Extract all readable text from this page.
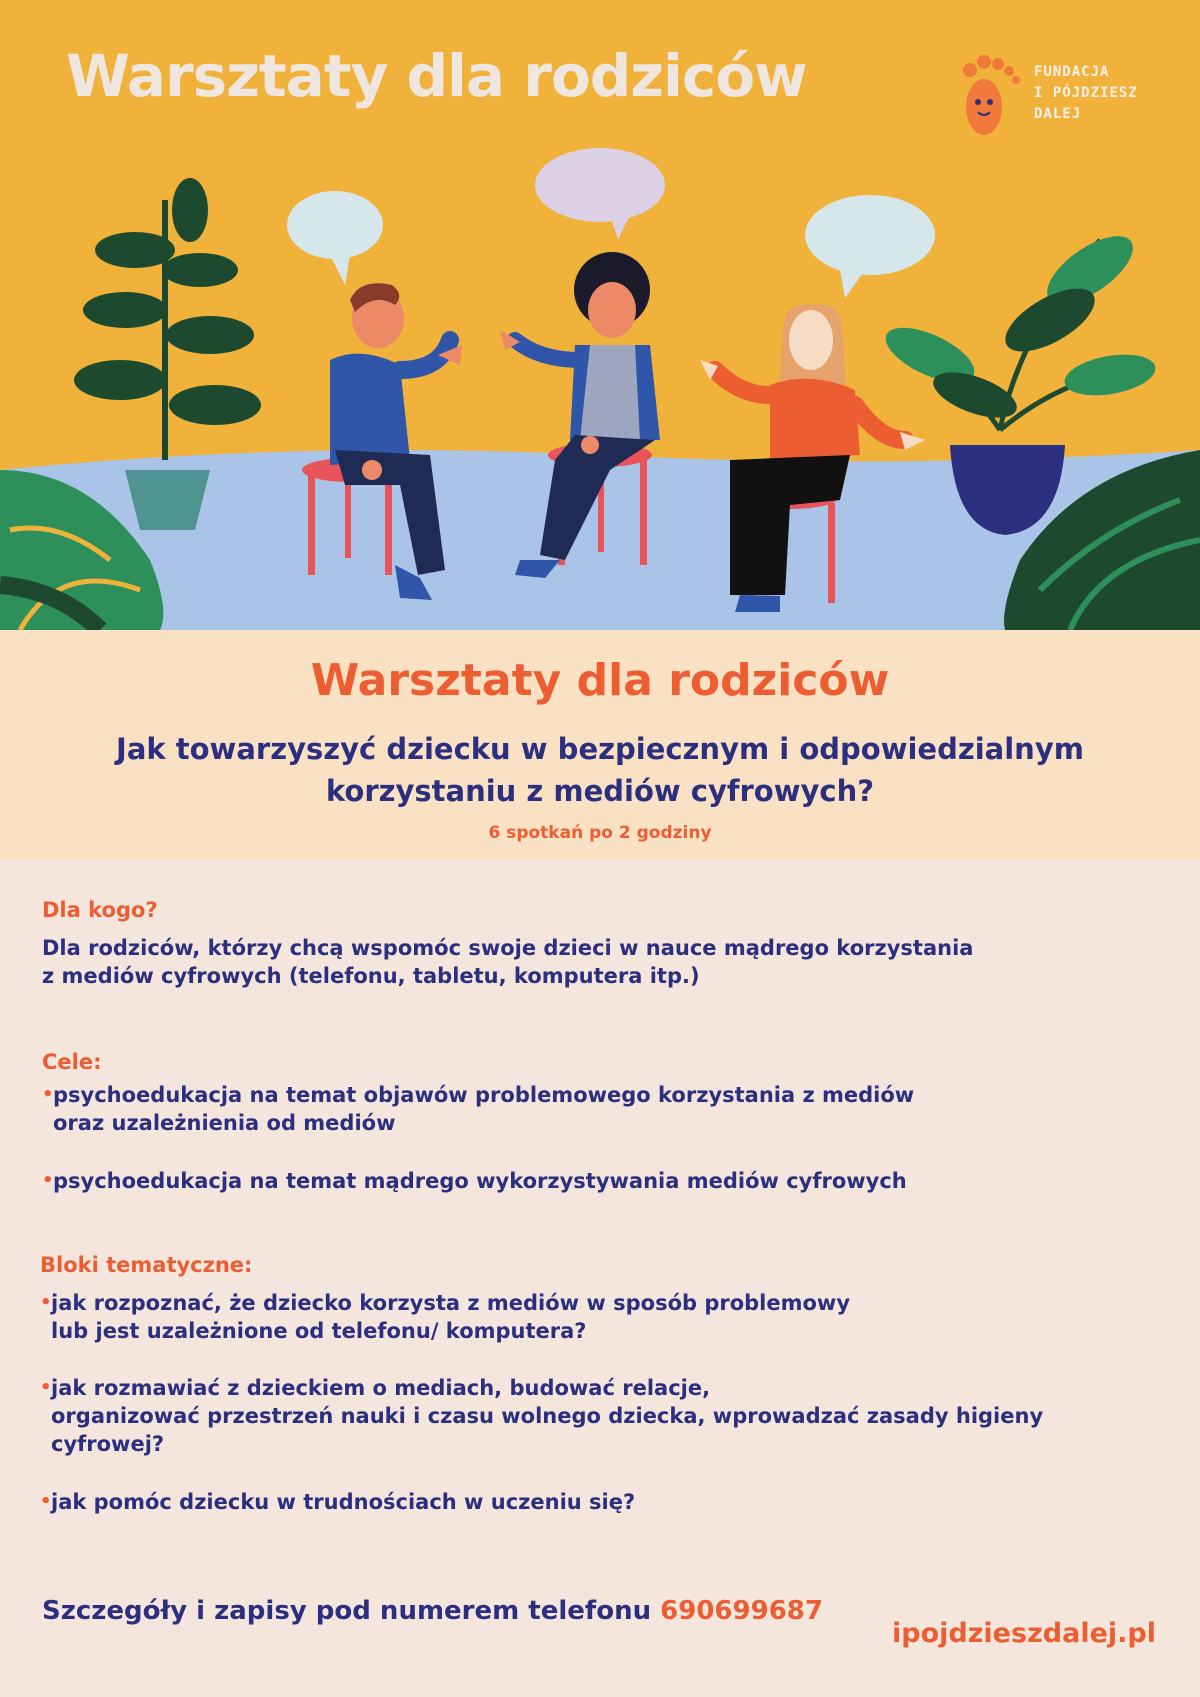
Warsztaty dla rodziców	FUNDACJA
I PÓJDZIESZ
DALEJ
Warsztaty dla rodziców
Jak towarzyszyć dziecku w bezpiecznym i odpowiedzialnym
korzystaniu z mediów cyfrowych?
6 spotkań po 2 godziny
Dla kogo?
Dla rodziców, którzy chcą wspomóc swoje dzieci w nauce mądrego korzystania
z mediów cyfrowych (telefonu, tabletu, komputera itp.)
Cele:
• psychoedukacja na temat objawów problemowego korzystania z mediów
oraz uzależnienia od mediów
• psychoedukacja na temat mądrego wykorzystywania mediów cyfrowych
Bloki tematyczne:
• jak rozpoznać, że dziecko korzysta z mediów w sposób problemowy
lub jest uzależnione od telefonu/ komputera?
• jak rozmawiać z dzieckiem o mediach, budować relacje,
organizować przestrzeń nauki i czasu wolnego dziecka, wprowadzać zasady higieny
cyfrowej?
• jak pomóc dziecku w trudnościach w uczeniu się?
Szczegóły i zapisy pod numerem telefonu 690699687
ipojdzieszdalej.pl
